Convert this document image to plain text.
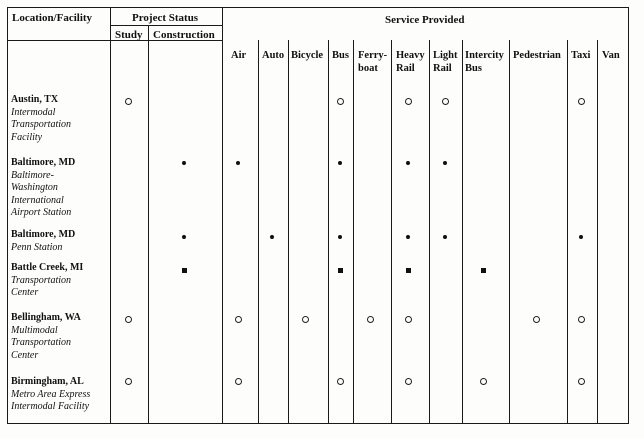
Location/Facility	Project Status	Service Provided
Study Construction
Air Auto Bicycle Bus Ferry-
boat
Heavy
Rail
Light
Rail
Intercity
Bus
Pedestrian Taxi Van
Austin, TX
Intermodal
Transportation
Facility
Baltimore, MD
Baltimore-
Washington
International
Airport Station
Baltimore, MD
Penn Station
Battle Creek, MI
Transportation
Center
Bellingham, WA
Multimodal
Transportation
Center
Birmingham, AL
Metro Area Express
Intermodal Facility
